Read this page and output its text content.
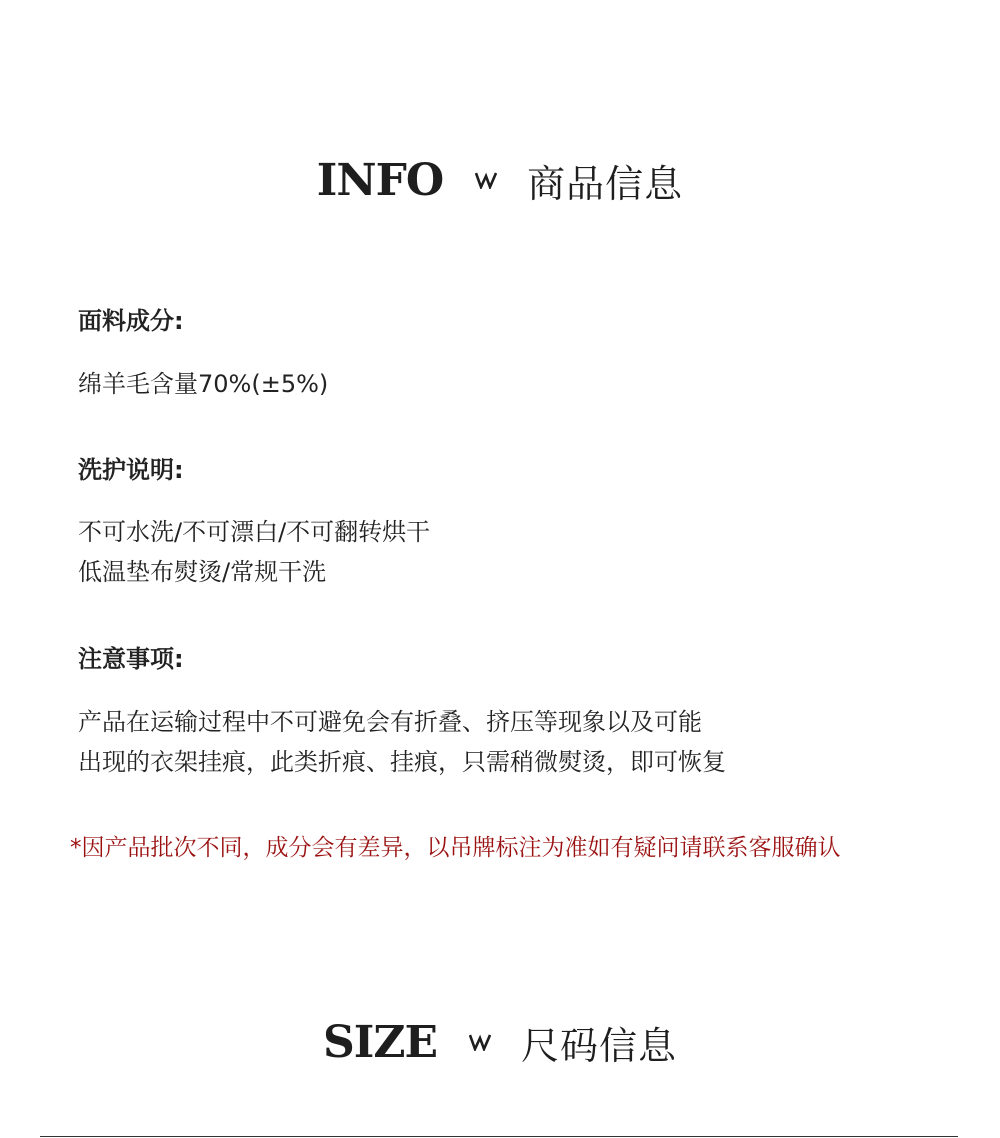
INFO 商品信息

面料成分:

绵羊毛含量70%(±5%)

洗护说明:

不可水洗/不可漂白/不可翻转烘干

低温垫布熨烫/常规干洗

注意事项:

产品在运输过程中不可避免会有折叠、挤压等现象以及可能

出现的衣架挂痕，此类折痕、挂痕，只需稍微熨烫，即可恢复

*因产品批次不同，成分会有差异，以吊牌标注为准如有疑问请联系客服确认
SIZE 尺码信息
